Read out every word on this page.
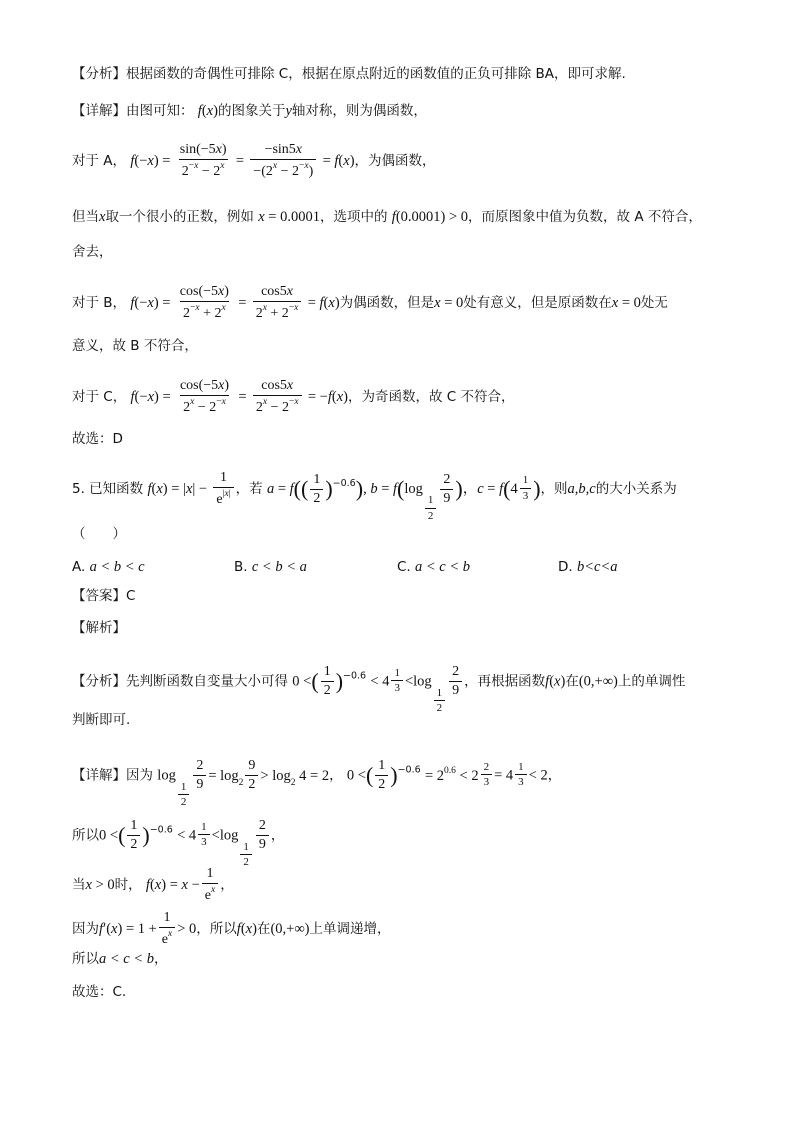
【分析】根据函数的奇偶性可排除 C，根据在原点附近的函数值的正负可排除 BA，即可求解.
【详解】由图可知： f(x)的图象关于y轴对称，则为偶函数，
对于 A， $f(-x) = \frac{\sin(-5x)}{2^{-x} - 2^x} = \frac{-\sin 5x}{-(2^x - 2^{-x})} = f(x)$，为偶函数，
但当x取一个很小的正数，例如 x = 0.0001，选项中的 f(0.0001) > 0，而原图象中值为负数，故 A 不符合，
舍去，
对于 B， $f(-x) = \frac{\cos(-5x)}{2^{-x} + 2^x} = \frac{\cos 5x}{2^x + 2^{-x}} = f(x)$为偶函数，但是x = 0处有意义，但是原函数在x = 0处无
意义，故 B 不符合，
对于 C， $f(-x) = \frac{\cos(-5x)}{2^x - 2^{-x}} = \frac{\cos 5x}{2^x - 2^{-x}} = -f(x)$，为奇函数，故 C 不符合，
故选：D
5. 已知函数 $f(x) = |x| - \frac{1}{e^{|x|}}$ ，若 $a = f(( \frac{1}{2} )^{-0.6})$, b = f(log
$\frac{1}{2}$
$\frac{2}{9}$ )，$c = f(4 \frac{1}{3}$ )，则a,b,c的大小关系为
（　　）
A. a < b < c	B. c < b < a	C. a < c < b	D. b<c<a
【答案】C
【解析】
【分析】先判断函数自变量大小可得 0 <( $\frac{1}{2} )^{-0.6} < 4 \frac{1}{3} <\log$
$\frac{1}{2}$
$\frac{2}{9}$ ，再根据函数f(x)在(0,+∞)上的单调性
判断即可.
【详解】因为 log
$\frac{1}{2}$
$\frac{2}{9} = \log_2 \frac{9}{2} > \log_2 4 = 2$， 0 <( $\frac{1}{2} )^{-0.6} = 2^{0.6} < 2 \frac{2}{3} = 4 \frac{1}{3} < 2$，
所以0 <( $\frac{1}{2} )^{-0.6} < 4 \frac{1}{3} <\log$
$\frac{1}{2}$
$\frac{2}{9}$ ，
当x > 0时， $f(x) = x - \frac{1}{e^x}$ ，
因为$f'(x) = 1 + \frac{1}{e^x} > 0$，所以f(x)在(0,+∞)上单调递增，
所以a < c < b，
故选：C.
